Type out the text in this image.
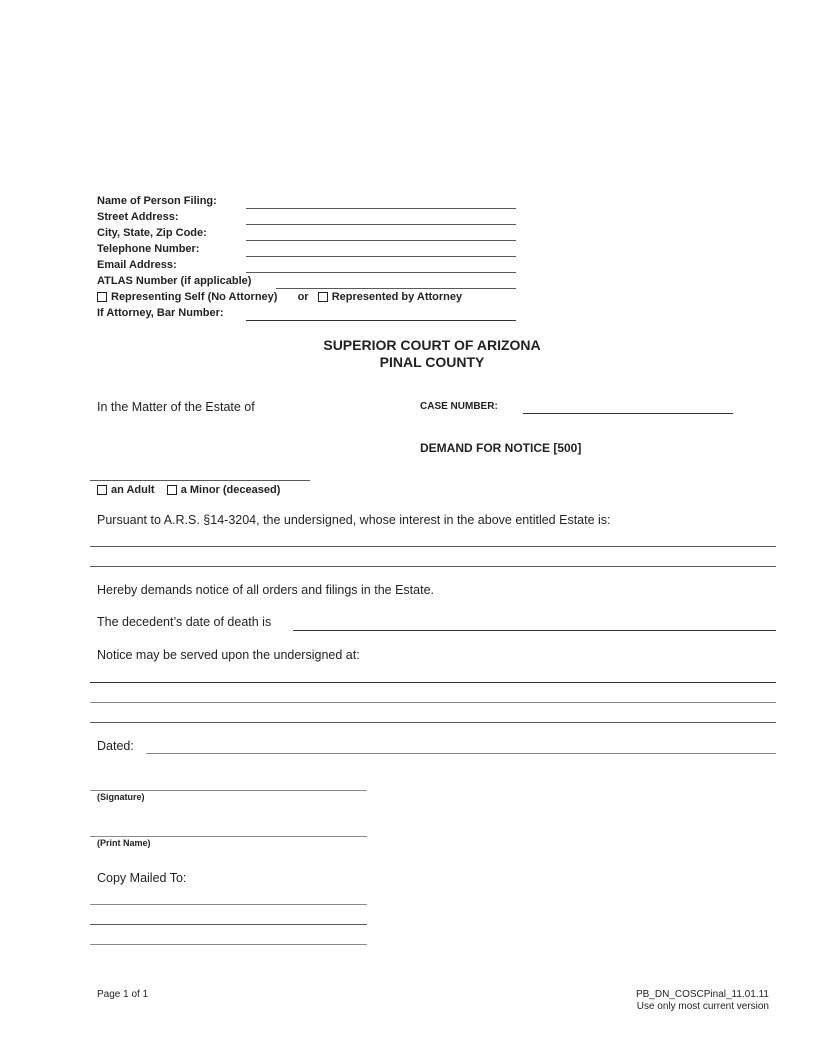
Name of Person Filing:
Street Address:
City, State, Zip Code:
Telephone Number:
Email Address:
ATLAS Number (if applicable)
Representing Self (No Attorney) or Represented by Attorney
If Attorney, Bar Number:
SUPERIOR COURT OF ARIZONA
PINAL COUNTY
In the Matter of the Estate of	CASE NUMBER:
DEMAND FOR NOTICE [500]
an Adult a Minor (deceased)
Pursuant to A.R.S. §14-3204, the undersigned, whose interest in the above entitled Estate is:
Hereby demands notice of all orders and filings in the Estate.
The decedent’s date of death is
Notice may be served upon the undersigned at:
Dated:
(Signature)
(Print Name)
Copy Mailed To:
Page 1 of 1	PB_DN_COSCPinal_11.01.11
Use only most current version
